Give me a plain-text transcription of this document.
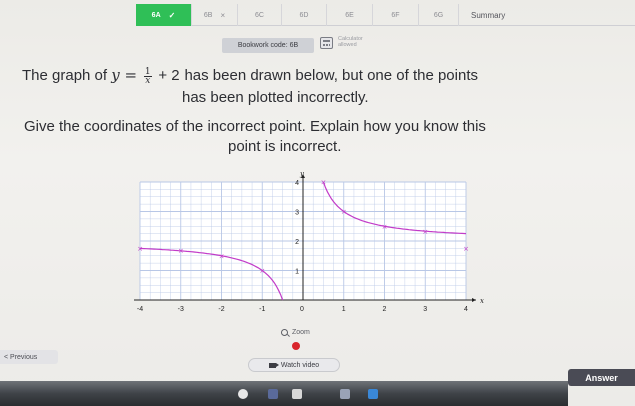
6A ✓	6B ×	6C	6D	6E	6F	6G	Summary
Bookwork code: 6B
Calculator
allowed
The graph of $y = \frac{1}{x} + 2$ has been drawn below, but one of the points
has been plotted incorrectly.
Give the coordinates of the incorrect point. Explain how you know this
point is incorrect.
x
y
-4	-3	-2	-1	0	1	2	3	4
1
2
3
4
×	×
×
×
×
×
×
×
×
Zoom
< Previous
Watch video
Answer
